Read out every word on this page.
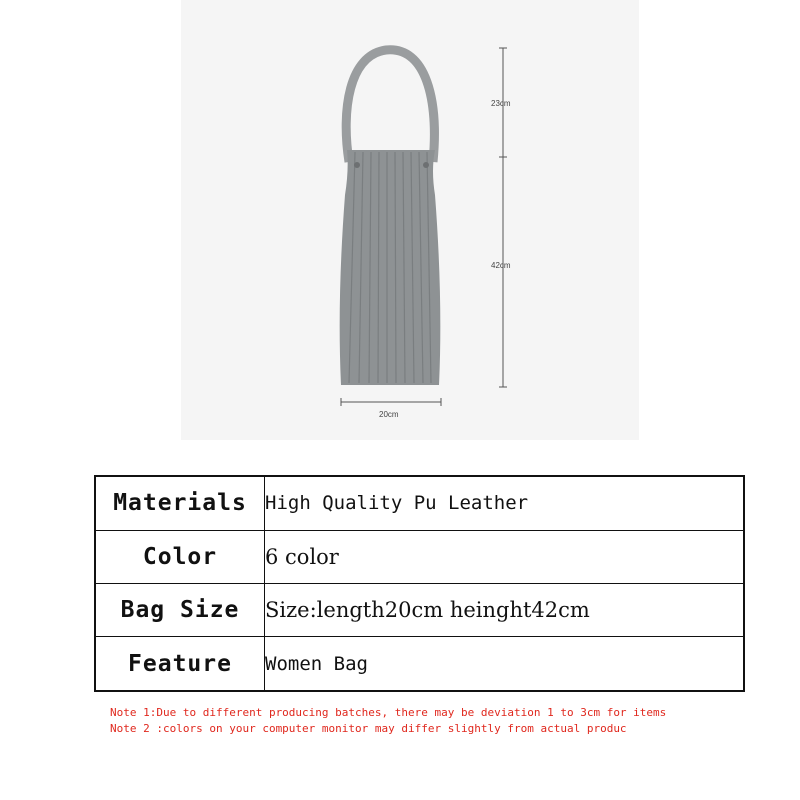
23cm
42cm
20cm
Materials	High Quality Pu Leather
Color	6 color
Bag Size	Size:length20cm heinght42cm
Feature	Women Bag
Note 1:Due to different producing batches, there may be deviation 1 to 3cm for items
Note 2 :colors on your computer monitor may differ slightly from actual produc
